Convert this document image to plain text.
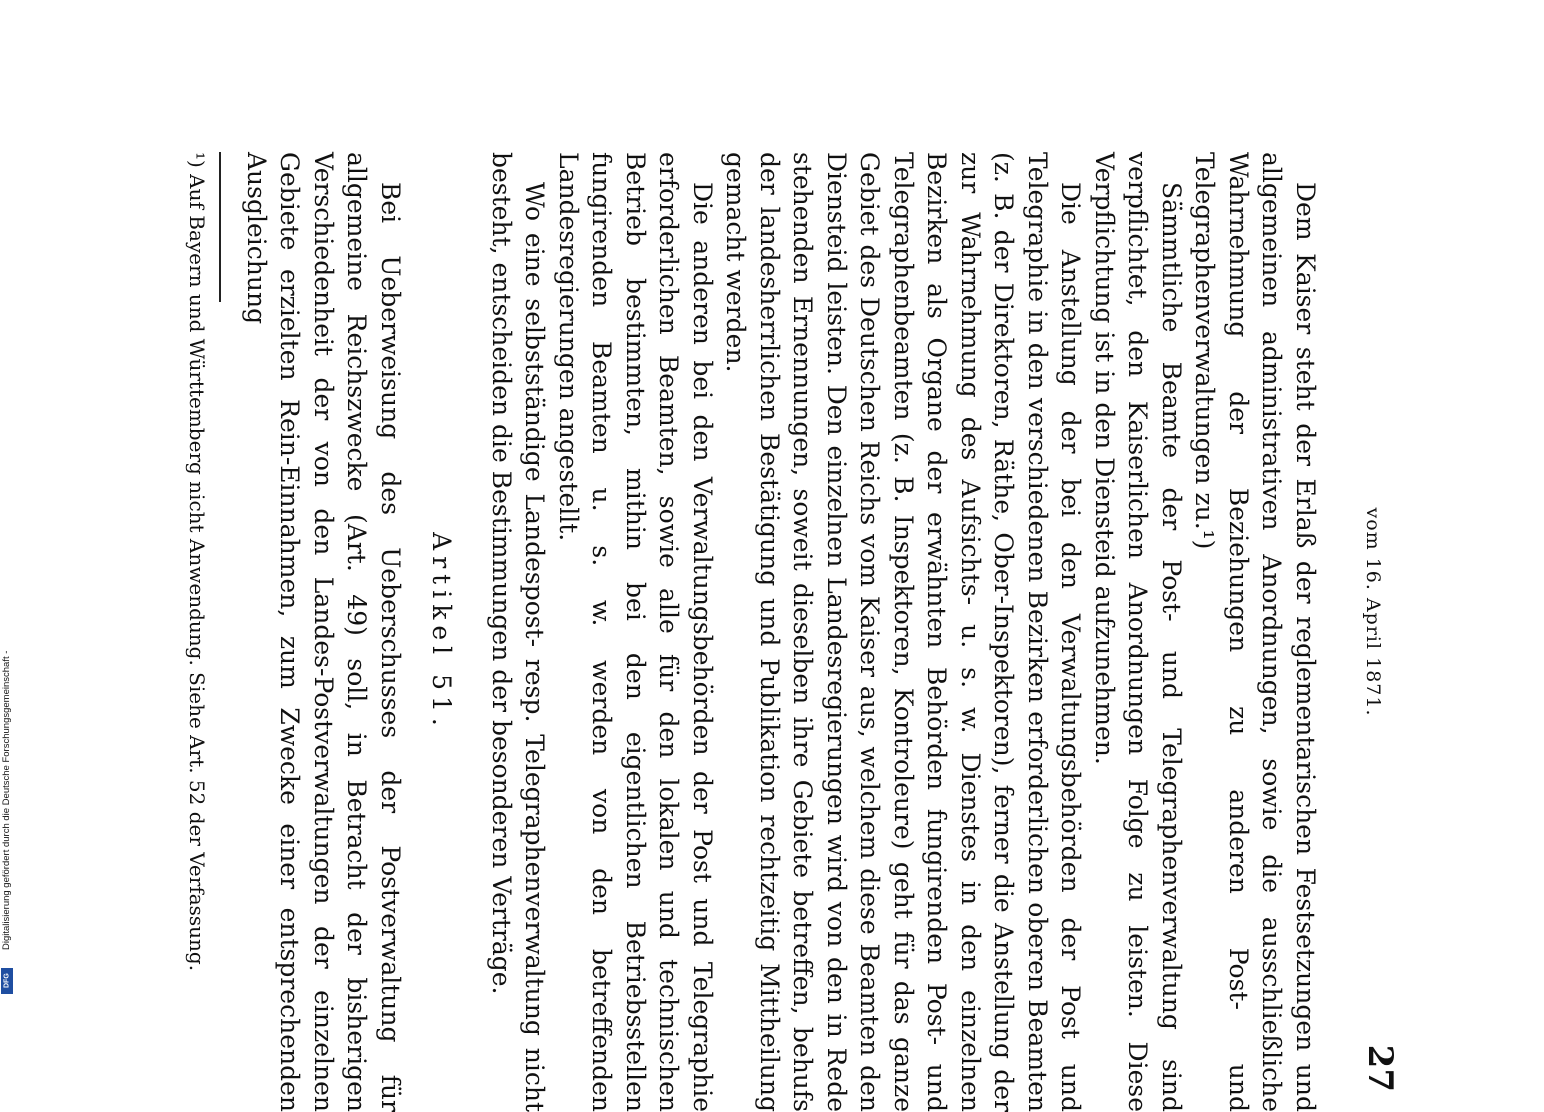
vom 16. April 1871.
27

Dem Kaiser steht der Erlaß der reglementarischen Festsetzungen und allgemeinen administrativen Anordnungen, sowie die ausschließliche Wahrnehmung der Beziehungen zu anderen Post- und Telegraphenverwaltungen zu.¹)

Sämmtliche Beamte der Post- und Telegraphenverwaltung sind verpflichtet, den Kaiserlichen Anordnungen Folge zu leisten. Diese Verpflichtung ist in den Diensteid aufzunehmen.

Die Anstellung der bei den Verwaltungsbehörden der Post und Telegraphie in den verschiedenen Bezirken erforderlichen oberen Beamten (z. B. der Direktoren, Räthe, Ober-Inspektoren), ferner die Anstellung der zur Wahrnehmung des Aufsichts- u. s. w. Dienstes in den einzelnen Bezirken als Organe der erwähnten Behörden fungirenden Post- und Telegraphenbeamten (z. B. Inspektoren, Kontroleure) geht für das ganze Gebiet des Deutschen Reichs vom Kaiser aus, welchem diese Beamten den Diensteid leisten. Den einzelnen Landesregierungen wird von den in Rede stehenden Ernennungen, soweit dieselben ihre Gebiete betreffen, behufs der landesherrlichen Bestätigung und Publikation rechtzeitig Mittheilung gemacht werden.

Die anderen bei den Verwaltungsbehörden der Post und Telegraphie erforderlichen Beamten, sowie alle für den lokalen und technischen Betrieb bestimmten, mithin bei den eigentlichen Betriebsstellen fungirenden Beamten u. s. w. werden von den betreffenden Landesregierungen angestellt.

Wo eine selbstständige Landespost- resp. Telegraphenverwaltung nicht besteht, entscheiden die Bestimmungen der besonderen Verträge.

Artikel 51.

Bei Ueberweisung des Ueberschusses der Postverwaltung für allgemeine Reichszwecke (Art. 49) soll, in Betracht der bisherigen Verschiedenheit der von den Landes-Postverwaltungen der einzelnen Gebiete erzielten Rein-Einnahmen, zum Zwecke einer entsprechenden Ausgleichung

¹) Auf Bayern und Württemberg nicht Anwendung. Siehe Art. 52 der Verfassung.

Digitalisierung gefördert durch die Deutsche Forschungsgemeinschaft -
DFG
